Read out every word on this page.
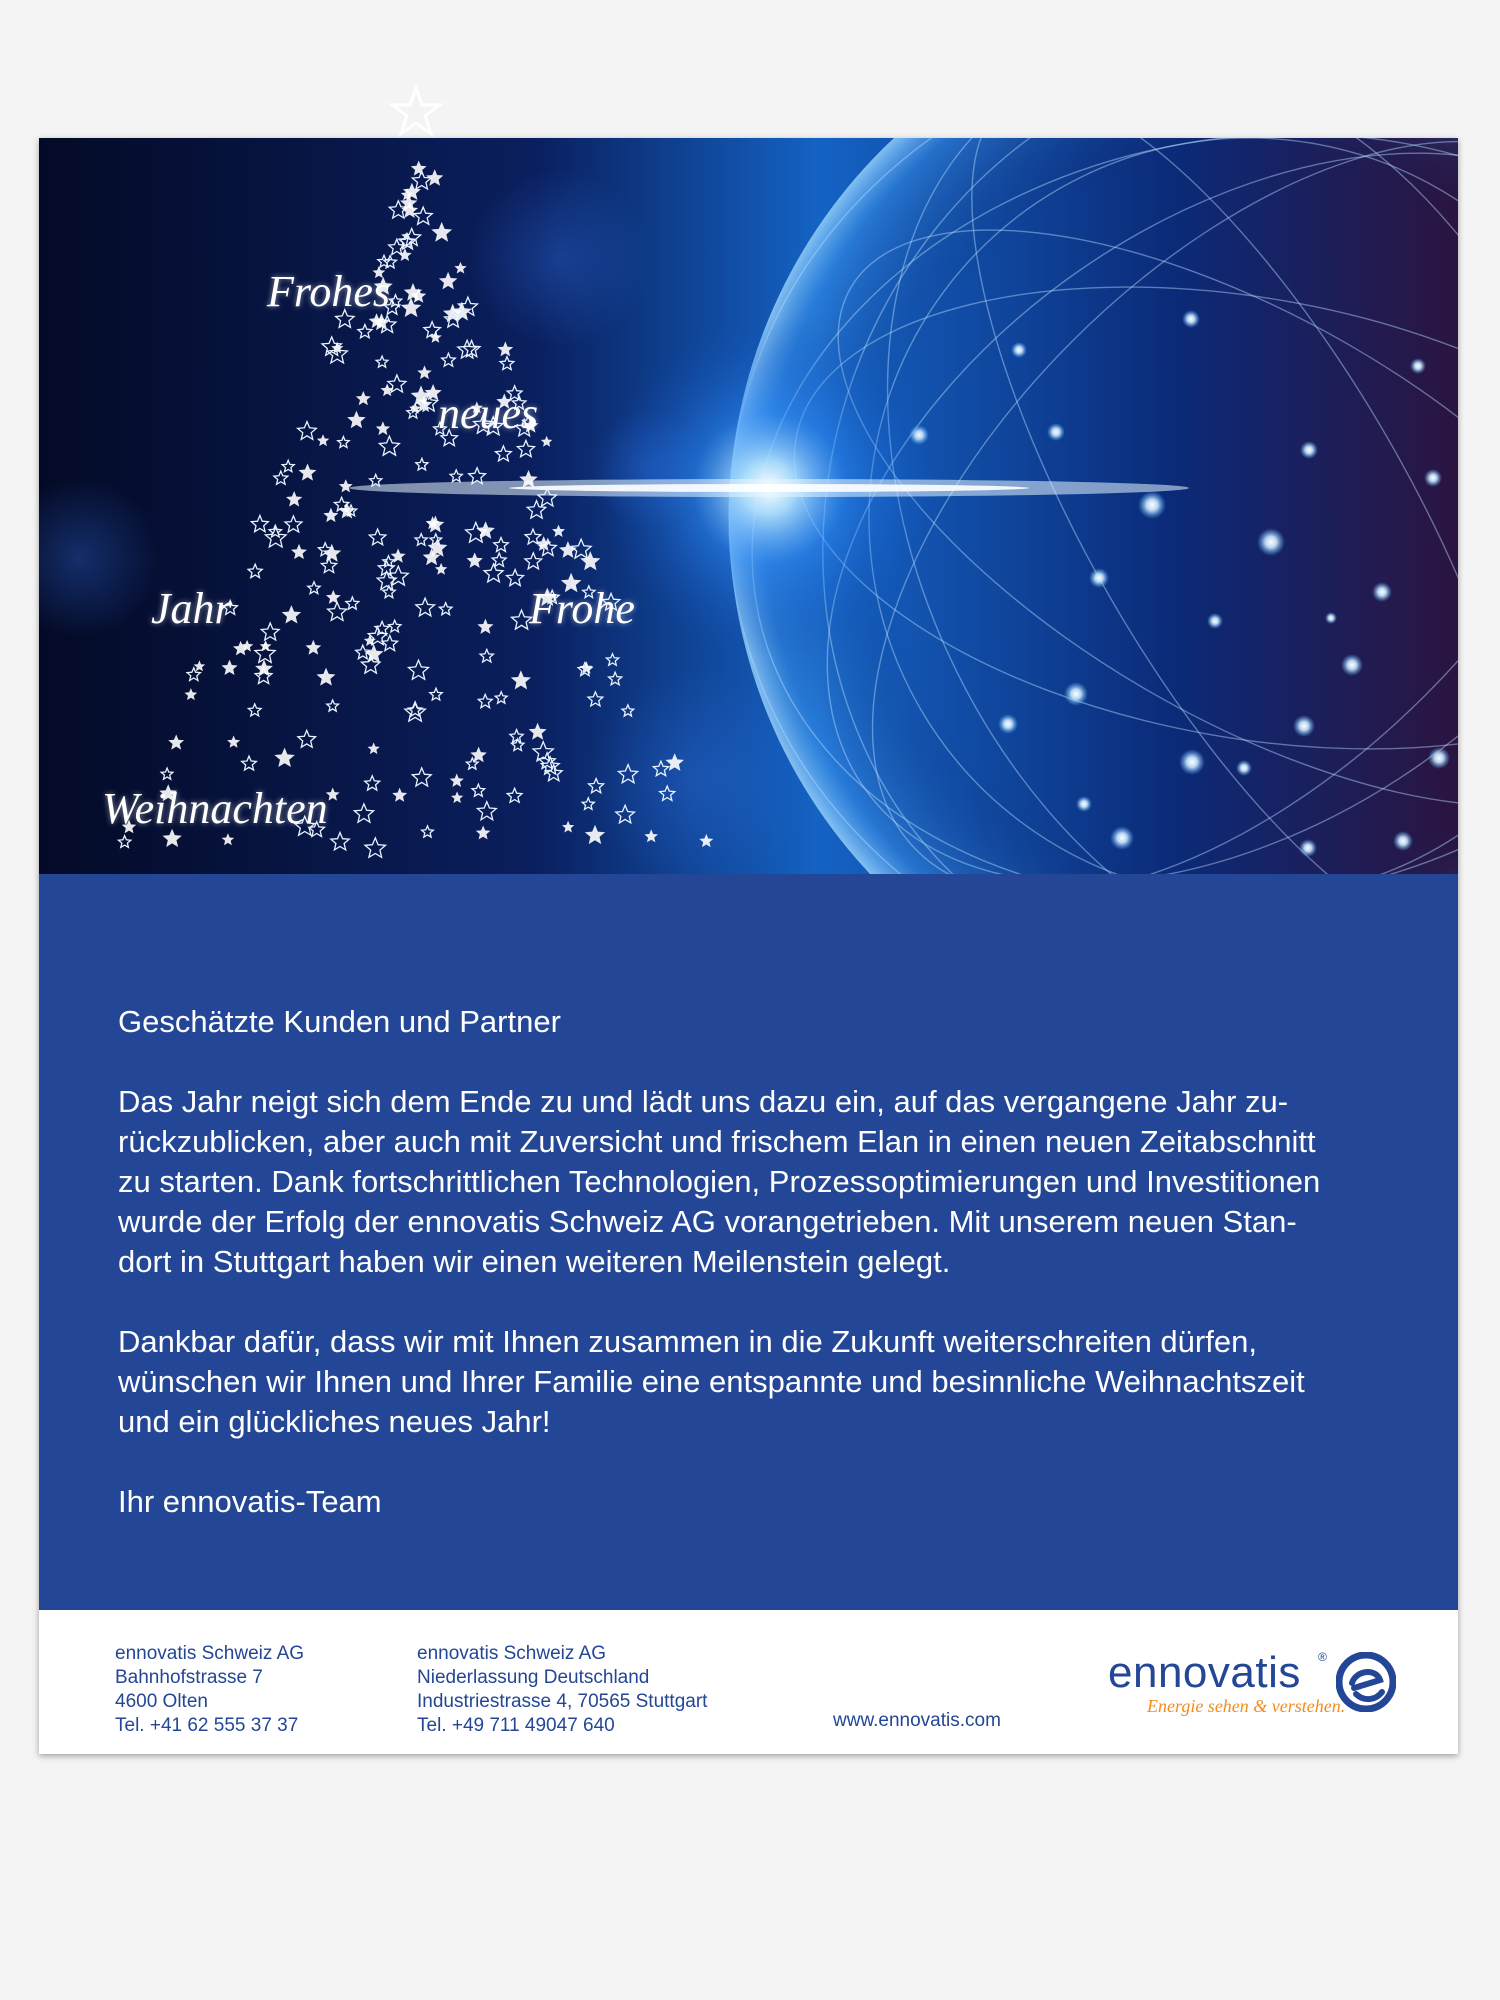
Frohes
neues
Jahr	Frohe
Weihnachten

Geschätzte Kunden und Partner

Das Jahr neigt sich dem Ende zu und lädt uns dazu ein, auf das vergangene Jahr zu-
rückzublicken, aber auch mit Zuversicht und frischem Elan in einen neuen Zeitabschnitt
zu starten. Dank fortschrittlichen Technologien, Prozessoptimierungen und Investitionen
wurde der Erfolg der ennovatis Schweiz AG vorangetrieben. Mit unserem neuen Stan-
dort in Stuttgart haben wir einen weiteren Meilenstein gelegt.

Dankbar dafür, dass wir mit Ihnen zusammen in die Zukunft weiterschreiten dürfen,
wünschen wir Ihnen und Ihrer Familie eine entspannte und besinnliche Weihnachtszeit
und ein glückliches neues Jahr!

Ihr ennovatis-Team

ennovatis Schweiz AG
Bahnhofstrasse 7
4600 Olten
Tel. +41 62 555 37 37
ennovatis Schweiz AG
Niederlassung Deutschland
Industriestrasse 4, 70565 Stuttgart
Tel. +49 711 49047 640	www.ennovatis.com
ennovatis ®
Energie sehen & verstehen.
